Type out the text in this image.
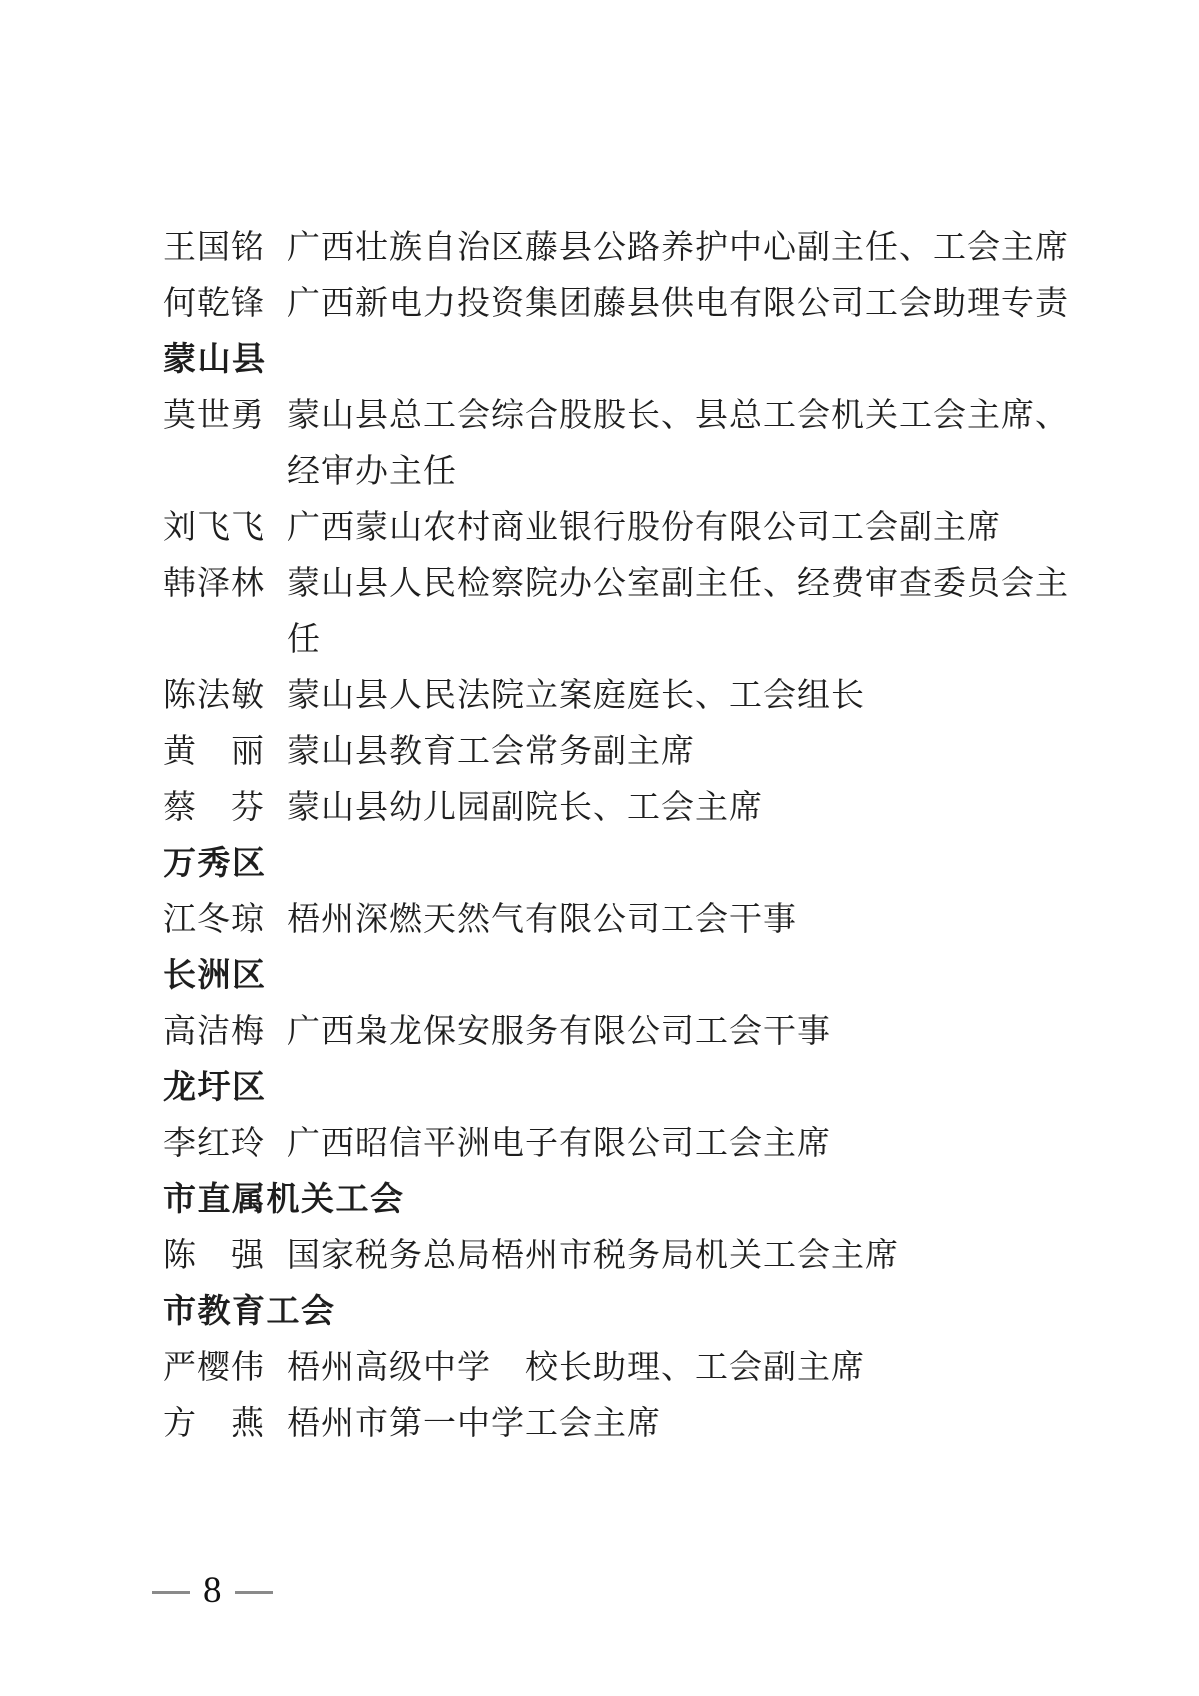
王国铭 广西壮族自治区藤县公路养护中心副主任、工会主席
何乾锋 广西新电力投资集团藤县供电有限公司工会助理专责
蒙山县
莫世勇 蒙山县总工会综合股股长、县总工会机关工会主席、
经审办主任
刘飞飞 广西蒙山农村商业银行股份有限公司工会副主席
韩泽林 蒙山县人民检察院办公室副主任、经费审查委员会主
任
陈法敏 蒙山县人民法院立案庭庭长、工会组长
黄　丽 蒙山县教育工会常务副主席
蔡　芬 蒙山县幼儿园副院长、工会主席
万秀区
江冬琼 梧州深燃天然气有限公司工会干事
长洲区
高洁梅 广西枭龙保安服务有限公司工会干事
龙圩区
李红玲 广西昭信平洲电子有限公司工会主席
市直属机关工会
陈　强 国家税务总局梧州市税务局机关工会主席
市教育工会
严樱伟 梧州高级中学　校长助理、工会副主席
方　燕 梧州市第一中学工会主席
8
